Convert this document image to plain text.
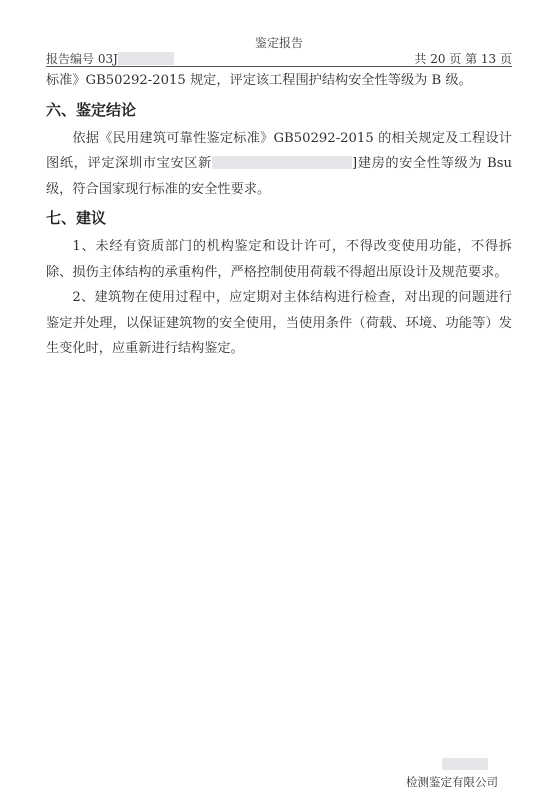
鉴定报告
报告编号 03J	共 20 页 第 13 页

标准》GB50292-2015 规定，评定该工程围护结构安全性等级为 B 级。

六、鉴定结论

依据《民用建筑可靠性鉴定标准》GB50292-2015 的相关规定及工程设计图纸，评定深圳市宝安区新	]建房的安全性等级为 Bsu 级，符合国家现行标准的安全性要求。

七、建议

1、未经有资质部门的机构鉴定和设计许可，不得改变使用功能，不得拆除、损伤主体结构的承重构件，严格控制使用荷载不得超出原设计及规范要求。

2、建筑物在使用过程中，应定期对主体结构进行检查，对出现的问题进行鉴定并处理，以保证建筑物的安全使用，当使用条件（荷载、环境、功能等）发生变化时，应重新进行结构鉴定。

检测鉴定有限公司
